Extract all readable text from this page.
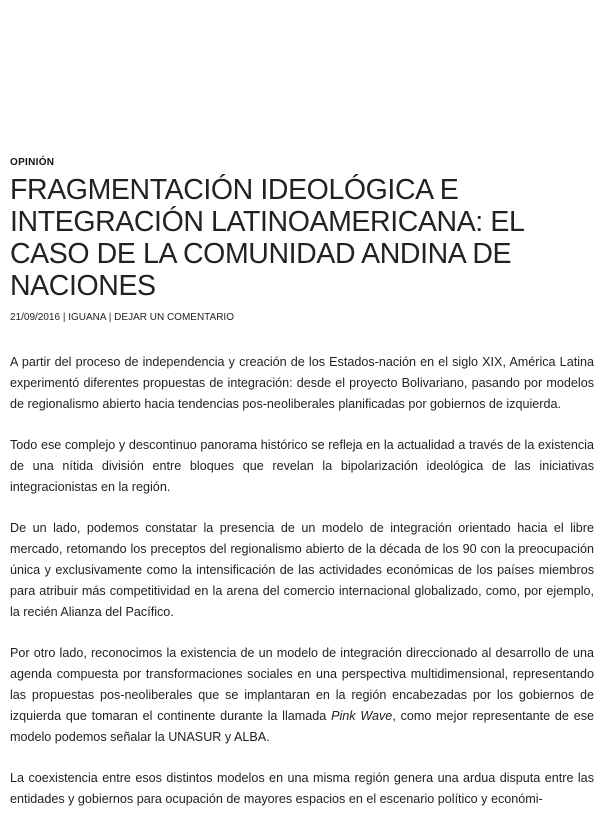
OPINIÓN
FRAGMENTACIÓN IDEOLÓGICA E INTEGRACIÓN LATINOAMERICANA: EL CASO DE LA COMUNIDAD ANDINA DE NACIONES
21/09/2016 | IGUANA | DEJAR UN COMENTARIO

A partir del proceso de independencia y creación de los Estados-nación en el siglo XIX, América Latina experimentó diferentes propuestas de integración: desde el proyecto Bolivariano, pasando por modelos de regionalismo abierto hacia tendencias pos-neoliberales planificadas por gobiernos de izquierda.

Todo ese complejo y descontinuo panorama histórico se refleja en la actualidad a través de la existencia de una nítida división entre bloques que revelan la bipolarización ideológica de las iniciativas integracionistas en la región.

De un lado, podemos constatar la presencia de un modelo de integración orientado hacia el libre mercado, retomando los preceptos del regionalismo abierto de la década de los 90 con la preocupación única y exclusivamente como la intensificación de las actividades económicas de los países miembros para atribuir más competitividad en la arena del comercio internacional globalizado, como, por ejemplo, la recién Alianza del Pacífico.

Por otro lado, reconocimos la existencia de un modelo de integración direccionado al desarrollo de una agenda compuesta por transformaciones sociales en una perspectiva multidimensional, representando las propuestas pos-neoliberales que se implantaran en la región encabezadas por los gobiernos de izquierda que tomaran el continente durante la llamada Pink Wave, como mejor representante de ese modelo podemos señalar la UNASUR y ALBA.

La coexistencia entre esos distintos modelos en una misma región genera una ardua disputa entre las entidades y gobiernos para ocupación de mayores espacios en el escenario político y económi-
